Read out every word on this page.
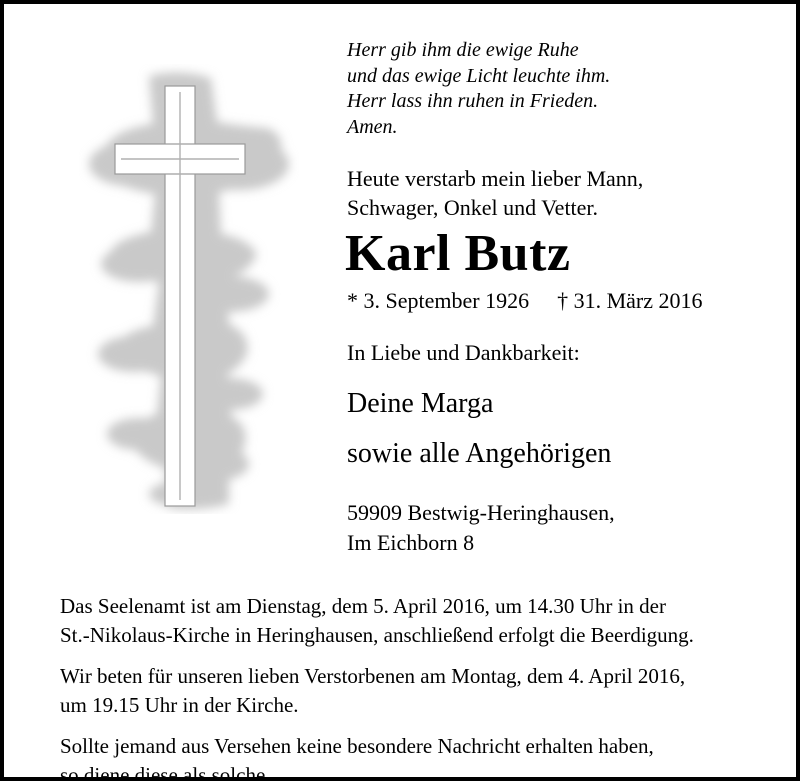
Herr gib ihm die ewige Ruhe
und das ewige Licht leuchte ihm.
Herr lass ihn ruhen in Frieden.
Amen.
Heute verstarb mein lieber Mann,
Schwager, Onkel und Vetter.
Karl Butz
* 3. September 1926 † 31. März 2016
In Liebe und Dankbarkeit:
Deine Marga
sowie alle Angehörigen
59909 Bestwig-Heringhausen,
Im Eichborn 8

Das Seelenamt ist am Dienstag, dem 5. April 2016, um 14.30 Uhr in der
St.-Nikolaus-Kirche in Heringhausen, anschließend erfolgt die Beerdigung.

Wir beten für unseren lieben Verstorbenen am Montag, dem 4. April 2016,
um 19.15 Uhr in der Kirche.

Sollte jemand aus Versehen keine besondere Nachricht erhalten haben,
so diene diese als solche.
